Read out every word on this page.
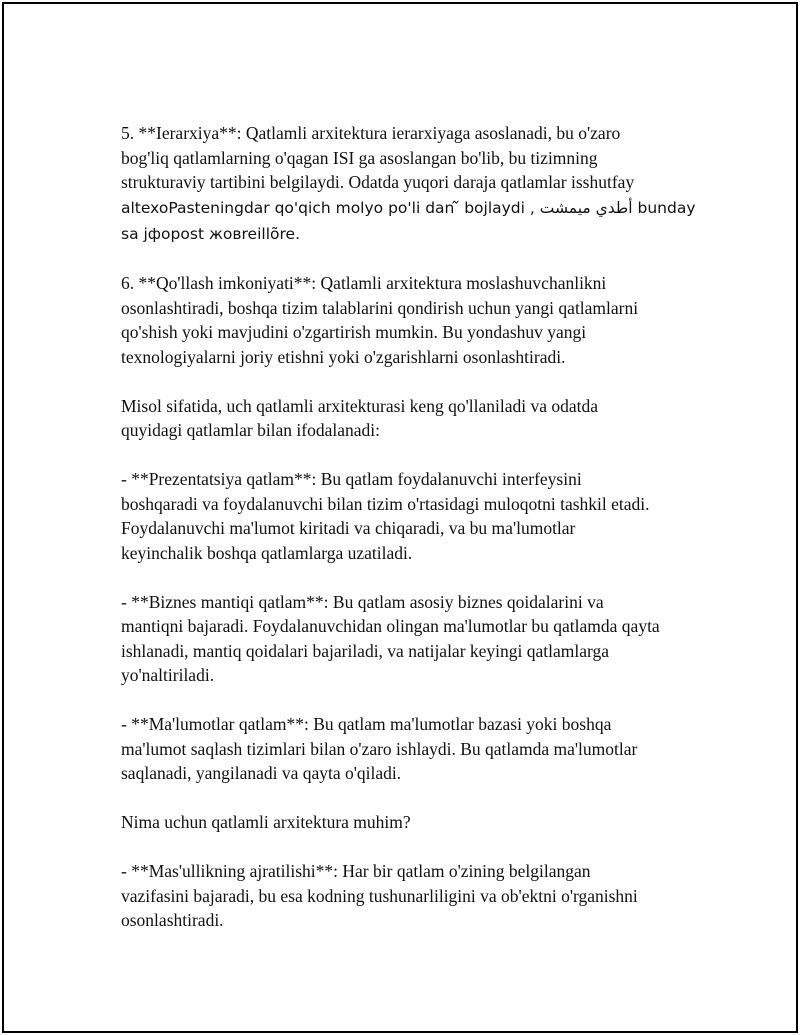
5. **Ierarxiya**: Qatlamli arxitektura ierarxiyaga asoslanadi, bu o'zaro
bog'liq qatlamlarning o'qagan ISI ga asoslangan bo'lib, bu tizimning
strukturaviy tartibini belgilaydi. Odatda yuqori daraja qatlamlar isshutfay
altexoPasteningdar qo'qich molyo po'li dan ᷉ bojlaydi , أطدي ميمشت bunday
sa jфорost жовreillõre.

6. **Qo'llash imkoniyati**: Qatlamli arxitektura moslashuvchanlikni
osonlashtiradi, boshqa tizim talablarini qondirish uchun yangi qatlamlarni
qo'shish yoki mavjudini o'zgartirish mumkin. Bu yondashuv yangi
texnologiyalarni joriy etishni yoki o'zgarishlarni osonlashtiradi.

Misol sifatida, uch qatlamli arxitekturasi keng qo'llaniladi va odatda
quyidagi qatlamlar bilan ifodalanadi:

- **Prezentatsiya qatlam**: Bu qatlam foydalanuvchi interfeysini
boshqaradi va foydalanuvchi bilan tizim o'rtasidagi muloqotni tashkil etadi.
Foydalanuvchi ma'lumot kiritadi va chiqaradi, va bu ma'lumotlar
keyinchalik boshqa qatlamlarga uzatiladi.

- **Biznes mantiqi qatlam**: Bu qatlam asosiy biznes qoidalarini va
mantiqni bajaradi. Foydalanuvchidan olingan ma'lumotlar bu qatlamda qayta
ishlanadi, mantiq qoidalari bajariladi, va natijalar keyingi qatlamlarga
yo'naltiriladi.

- **Ma'lumotlar qatlam**: Bu qatlam ma'lumotlar bazasi yoki boshqa
ma'lumot saqlash tizimlari bilan o'zaro ishlaydi. Bu qatlamda ma'lumotlar
saqlanadi, yangilanadi va qayta o'qiladi.

Nima uchun qatlamli arxitektura muhim?

- **Mas'ullikning ajratilishi**: Har bir qatlam o'zining belgilangan
vazifasini bajaradi, bu esa kodning tushunarliligini va ob'ektni o'rganishni
osonlashtiradi.
